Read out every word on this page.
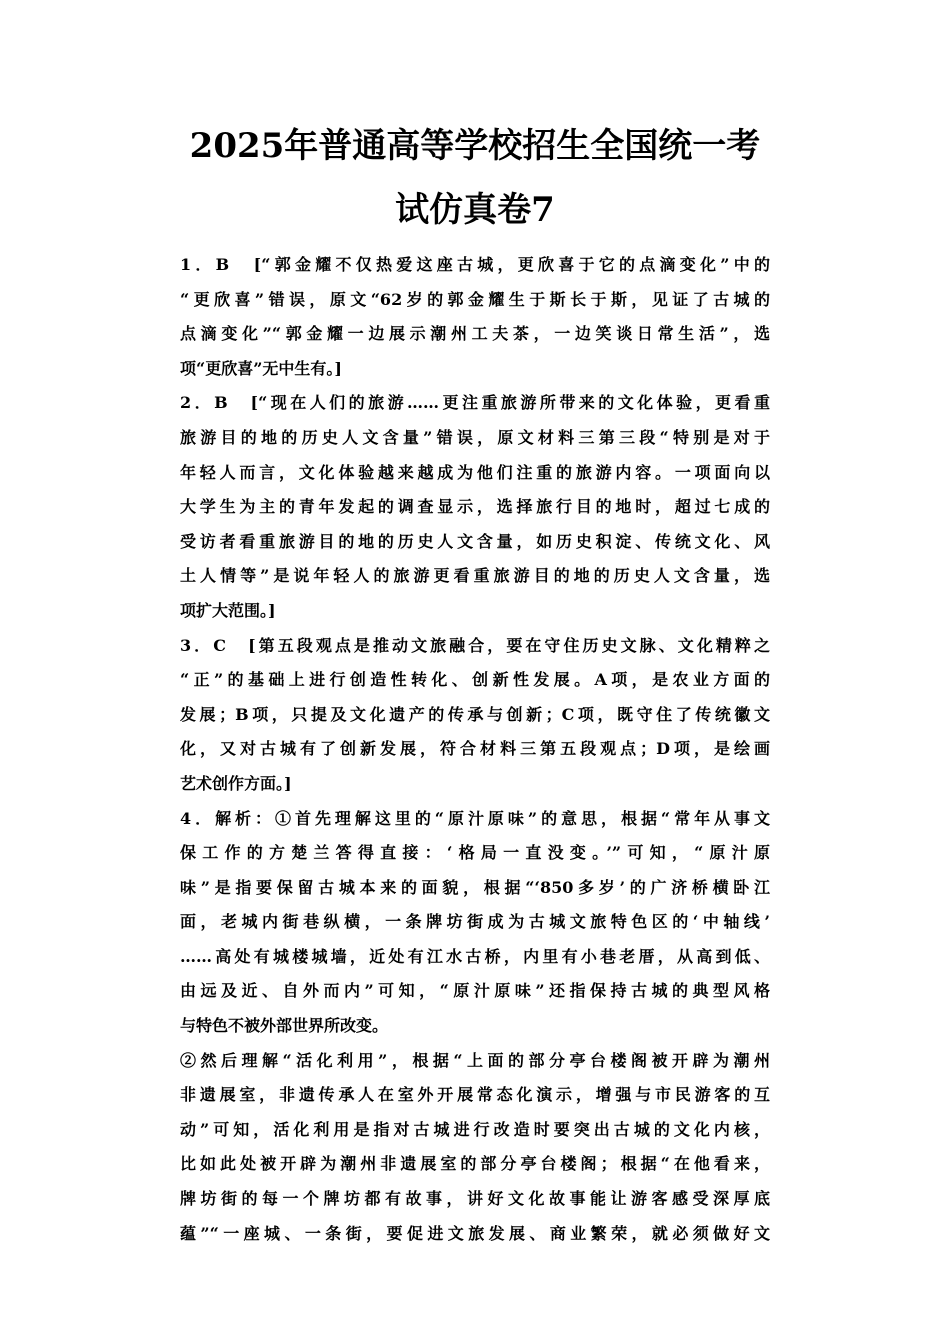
2025年普通高等学校招生全国统一考
试仿真卷7
1．B　[“郭金耀不仅热爱这座古城，更欣喜于它的点滴变化”中的
“更欣喜”错误，原文“62岁的郭金耀生于斯长于斯，见证了古城的
点滴变化”“郭金耀一边展示潮州工夫茶，一边笑谈日常生活”，选
项“更欣喜”无中生有。]
2．B　[“现在人们的旅游……更注重旅游所带来的文化体验，更看重
旅游目的地的历史人文含量”错误，原文材料三第三段“特别是对于
年轻人而言，文化体验越来越成为他们注重的旅游内容。一项面向以
大学生为主的青年发起的调查显示，选择旅行目的地时，超过七成的
受访者看重旅游目的地的历史人文含量，如历史积淀、传统文化、风
土人情等”是说年轻人的旅游更看重旅游目的地的历史人文含量，选
项扩大范围。]
3．C　[第五段观点是推动文旅融合，要在守住历史文脉、文化精粹之
“正”的基础上进行创造性转化、创新性发展。A项，是农业方面的
发展；B项，只提及文化遗产的传承与创新；C项，既守住了传统徽文
化，又对古城有了创新发展，符合材料三第五段观点；D项，是绘画
艺术创作方面。]
4．解析：①首先理解这里的“原汁原味”的意思，根据“常年从事文
保工作的方楚兰答得直接：‘格局一直没变。’”可知，“原汁原
味”是指要保留古城本来的面貌，根据“‘850多岁’的广济桥横卧江
面，老城内街巷纵横，一条牌坊街成为古城文旅特色区的‘中轴线’
……高处有城楼城墙，近处有江水古桥，内里有小巷老厝，从高到低、
由远及近、自外而内”可知，“原汁原味”还指保持古城的典型风格
与特色不被外部世界所改变。
②然后理解“活化利用”，根据“上面的部分亭台楼阁被开辟为潮州
非遗展室，非遗传承人在室外开展常态化演示，增强与市民游客的互
动”可知，活化利用是指对古城进行改造时要突出古城的文化内核，
比如此处被开辟为潮州非遗展室的部分亭台楼阁；根据“在他看来，
牌坊街的每一个牌坊都有故事，讲好文化故事能让游客感受深厚底
蕴”“一座城、一条街，要促进文旅发展、商业繁荣，就必须做好文
